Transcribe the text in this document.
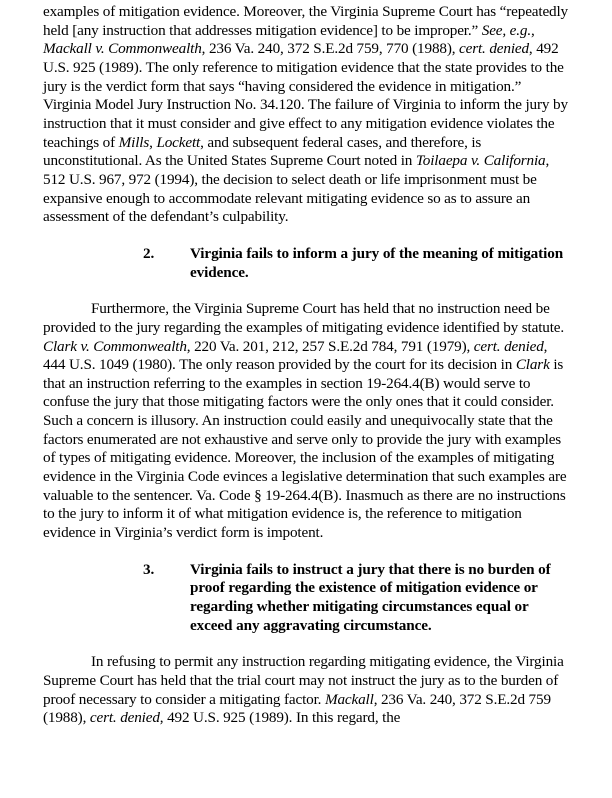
examples of mitigation evidence. Moreover, the Virginia Supreme Court has “repeatedly held [any instruction that addresses mitigation evidence] to be improper.” See, e.g., Mackall v. Commonwealth, 236 Va. 240, 372 S.E.2d 759, 770 (1988), cert. denied, 492 U.S. 925 (1989). The only reference to mitigation evidence that the state provides to the jury is the verdict form that says “having considered the evidence in mitigation.” Virginia Model Jury Instruction No. 34.120. The failure of Virginia to inform the jury by instruction that it must consider and give effect to any mitigation evidence violates the teachings of Mills, Lockett, and subsequent federal cases, and therefore, is unconstitutional. As the United States Supreme Court noted in Toilaepa v. California, 512 U.S. 967, 972 (1994), the decision to select death or life imprisonment must be expansive enough to accommodate relevant mitigating evidence so as to assure an assessment of the defendant’s culpability.

2. Virginia fails to inform a jury of the meaning of mitigation evidence.

Furthermore, the Virginia Supreme Court has held that no instruction need be provided to the jury regarding the examples of mitigating evidence identified by statute. Clark v. Commonwealth, 220 Va. 201, 212, 257 S.E.2d 784, 791 (1979), cert. denied, 444 U.S. 1049 (1980). The only reason provided by the court for its decision in Clark is that an instruction referring to the examples in section 19-264.4(B) would serve to confuse the jury that those mitigating factors were the only ones that it could consider. Such a concern is illusory. An instruction could easily and unequivocally state that the factors enumerated are not exhaustive and serve only to provide the jury with examples of types of mitigating evidence. Moreover, the inclusion of the examples of mitigating evidence in the Virginia Code evinces a legislative determination that such examples are valuable to the sentencer. Va. Code § 19-264.4(B). Inasmuch as there are no instructions to the jury to inform it of what mitigation evidence is, the reference to mitigation evidence in Virginia’s verdict form is impotent.

3. Virginia fails to instruct a jury that there is no burden of proof regarding the existence of mitigation evidence or regarding whether mitigating circumstances equal or exceed any aggravating circumstance.

In refusing to permit any instruction regarding mitigating evidence, the Virginia Supreme Court has held that the trial court may not instruct the jury as to the burden of proof necessary to consider a mitigating factor. Mackall, 236 Va. 240, 372 S.E.2d 759 (1988), cert. denied, 492 U.S. 925 (1989). In this regard, the
